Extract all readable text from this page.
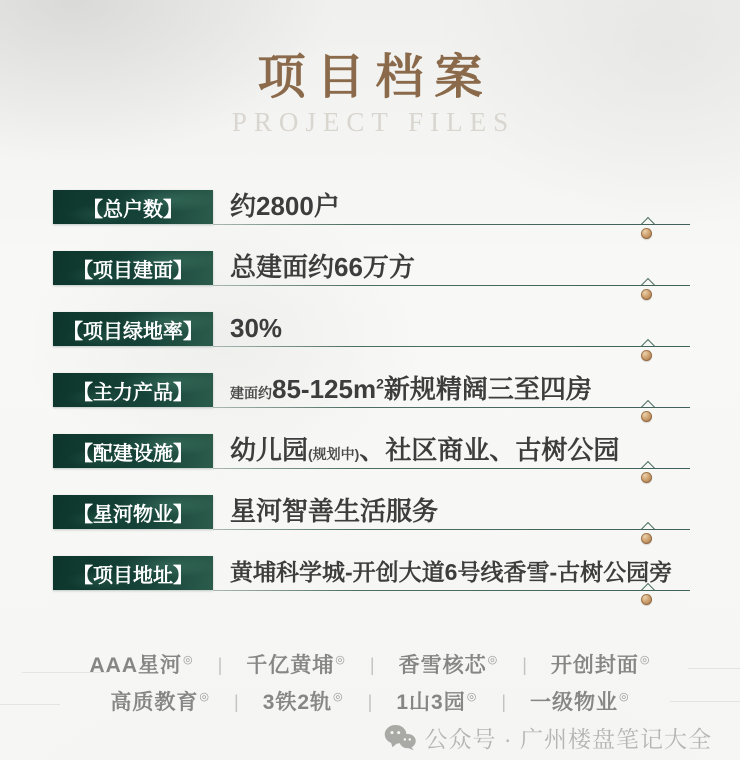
项目档案
PROJECT FILES
【总户数】	约2800户
【项目建面】	总建面约66万方
【项目绿地率】	30%
【主力产品】	建面约$85-125m^2$新规精阔三至四房
【配建设施】	幼儿园(规划中)、社区商业、古树公园
【星河物业】	星河智善生活服务
【项目地址】	黄埔科学城-开创大道6号线香雪-古树公园旁
AAA星河◎ | 千亿黄埔◎ | 香雪核芯◎ | 开创封面◎
高质教育◎ | 3铁2轨◎ | 1山3园◎ | 一级物业◎
公众号 · 广州楼盘笔记大全
